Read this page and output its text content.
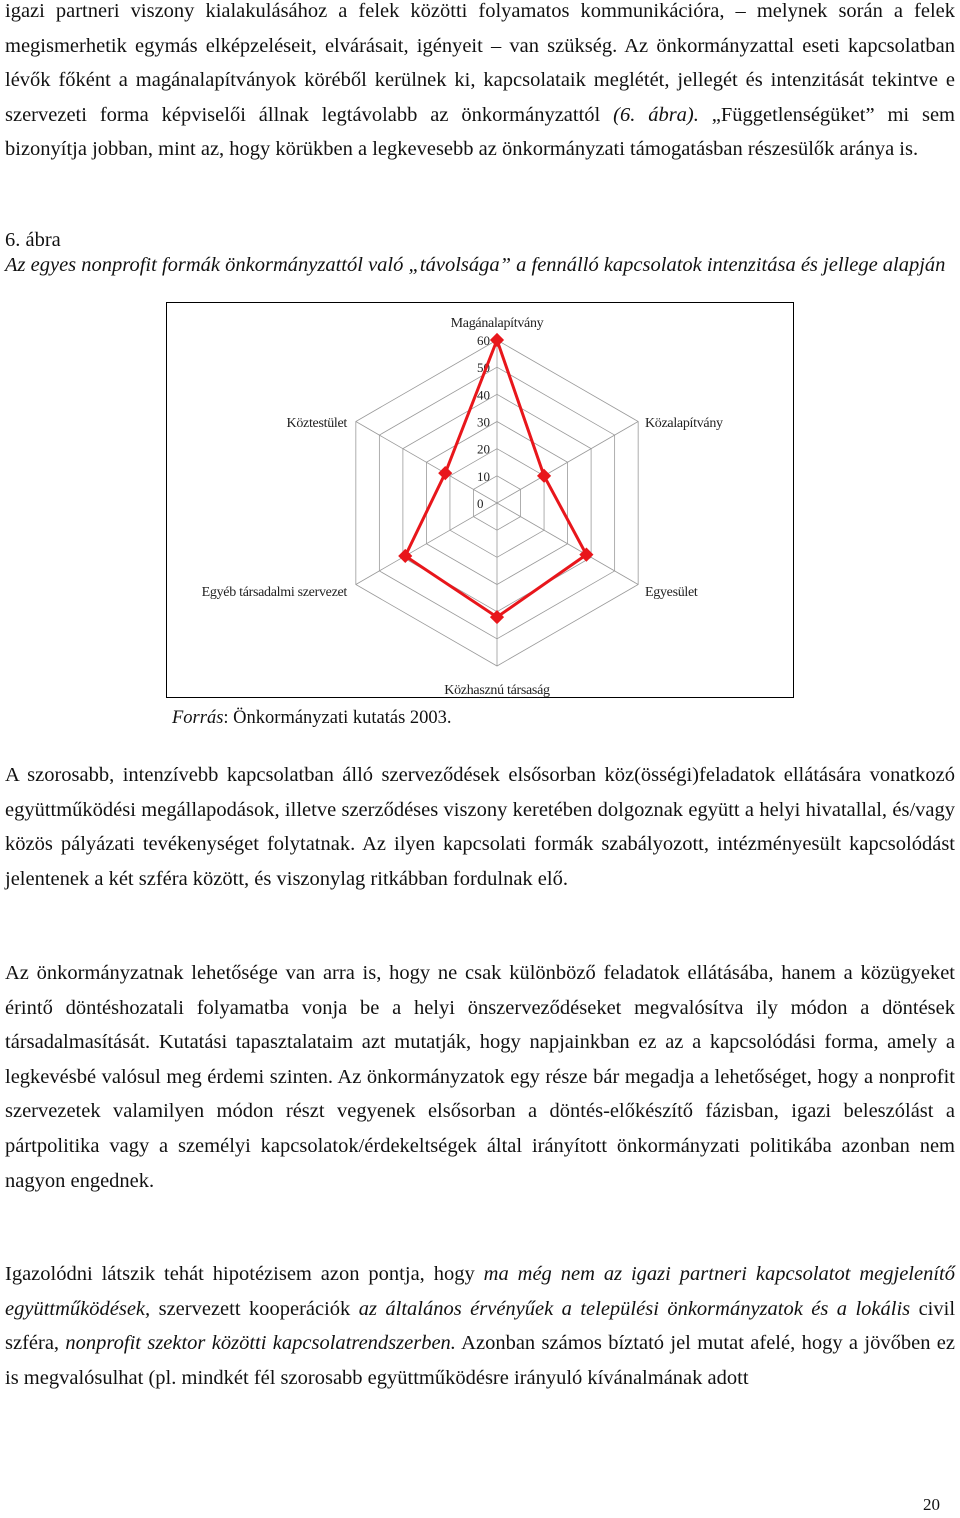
igazi partneri viszony kialakulásához a felek közötti folyamatos kommunikációra, – melynek során a felek megismerhetik egymás elképzeléseit, elvárásait, igényeit – van szükség. Az önkormányzattal eseti kapcsolatban lévők főként a magánalapítványok köréből kerülnek ki, kapcsolataik meglétét, jellegét és intenzitását tekintve e szervezeti forma képviselői állnak legtávolabb az önkormányzattól (6. ábra). „Függetlenségüket” mi sem bizonyítja jobban, mint az, hogy körükben a legkevesebb az önkormányzati támogatásban részesülők aránya is.

6. ábra
Az egyes nonprofit formák önkormányzattól való „távolsága” a fennálló kapcsolatok intenzitása és jellege alapján
0
10
20
30
40
50
60
Magánalapítvány
Közalapítvány
Egyesület
Közhasznú társaság
Egyéb társadalmi szervezet
Köztestület
Forrás: Önkormányzati kutatás 2003.

A szorosabb, intenzívebb kapcsolatban álló szerveződések elsősorban köz(össégi)feladatok ellátására vonatkozó együttműködési megállapodások, illetve szerződéses viszony keretében dolgoznak együtt a helyi hivatallal, és/vagy közös pályázati tevékenységet folytatnak. Az ilyen kapcsolati formák szabályozott, intézményesült kapcsolódást jelentenek a két szféra között, és viszonylag ritkábban fordulnak elő.

Az önkormányzatnak lehetősége van arra is, hogy ne csak különböző feladatok ellátásába, hanem a közügyeket érintő döntéshozatali folyamatba vonja be a helyi önszerveződéseket megvalósítva ily módon a döntések társadalmasítását. Kutatási tapasztalataim azt mutatják, hogy napjainkban ez az a kapcsolódási forma, amely a legkevésbé valósul meg érdemi szinten. Az önkormányzatok egy része bár megadja a lehetőséget, hogy a nonprofit szervezetek valamilyen módon részt vegyenek elsősorban a döntés-előkészítő fázisban, igazi beleszólást a pártpolitika vagy a személyi kapcsolatok/érdekeltségek által irányított önkormányzati politikába azonban nem nagyon engednek.

Igazolódni látszik tehát hipotézisem azon pontja, hogy ma még nem az igazi partneri kapcsolatot megjelenítő együttműködések, szervezett kooperációk az általános érvényűek a települési önkormányzatok és a lokális civil szféra, nonprofit szektor közötti kapcsolatrendszerben. Azonban számos bíztató jel mutat afelé, hogy a jövőben ez is megvalósulhat (pl. mindkét fél szorosabb együttműködésre irányuló kívánalmának adott

20
